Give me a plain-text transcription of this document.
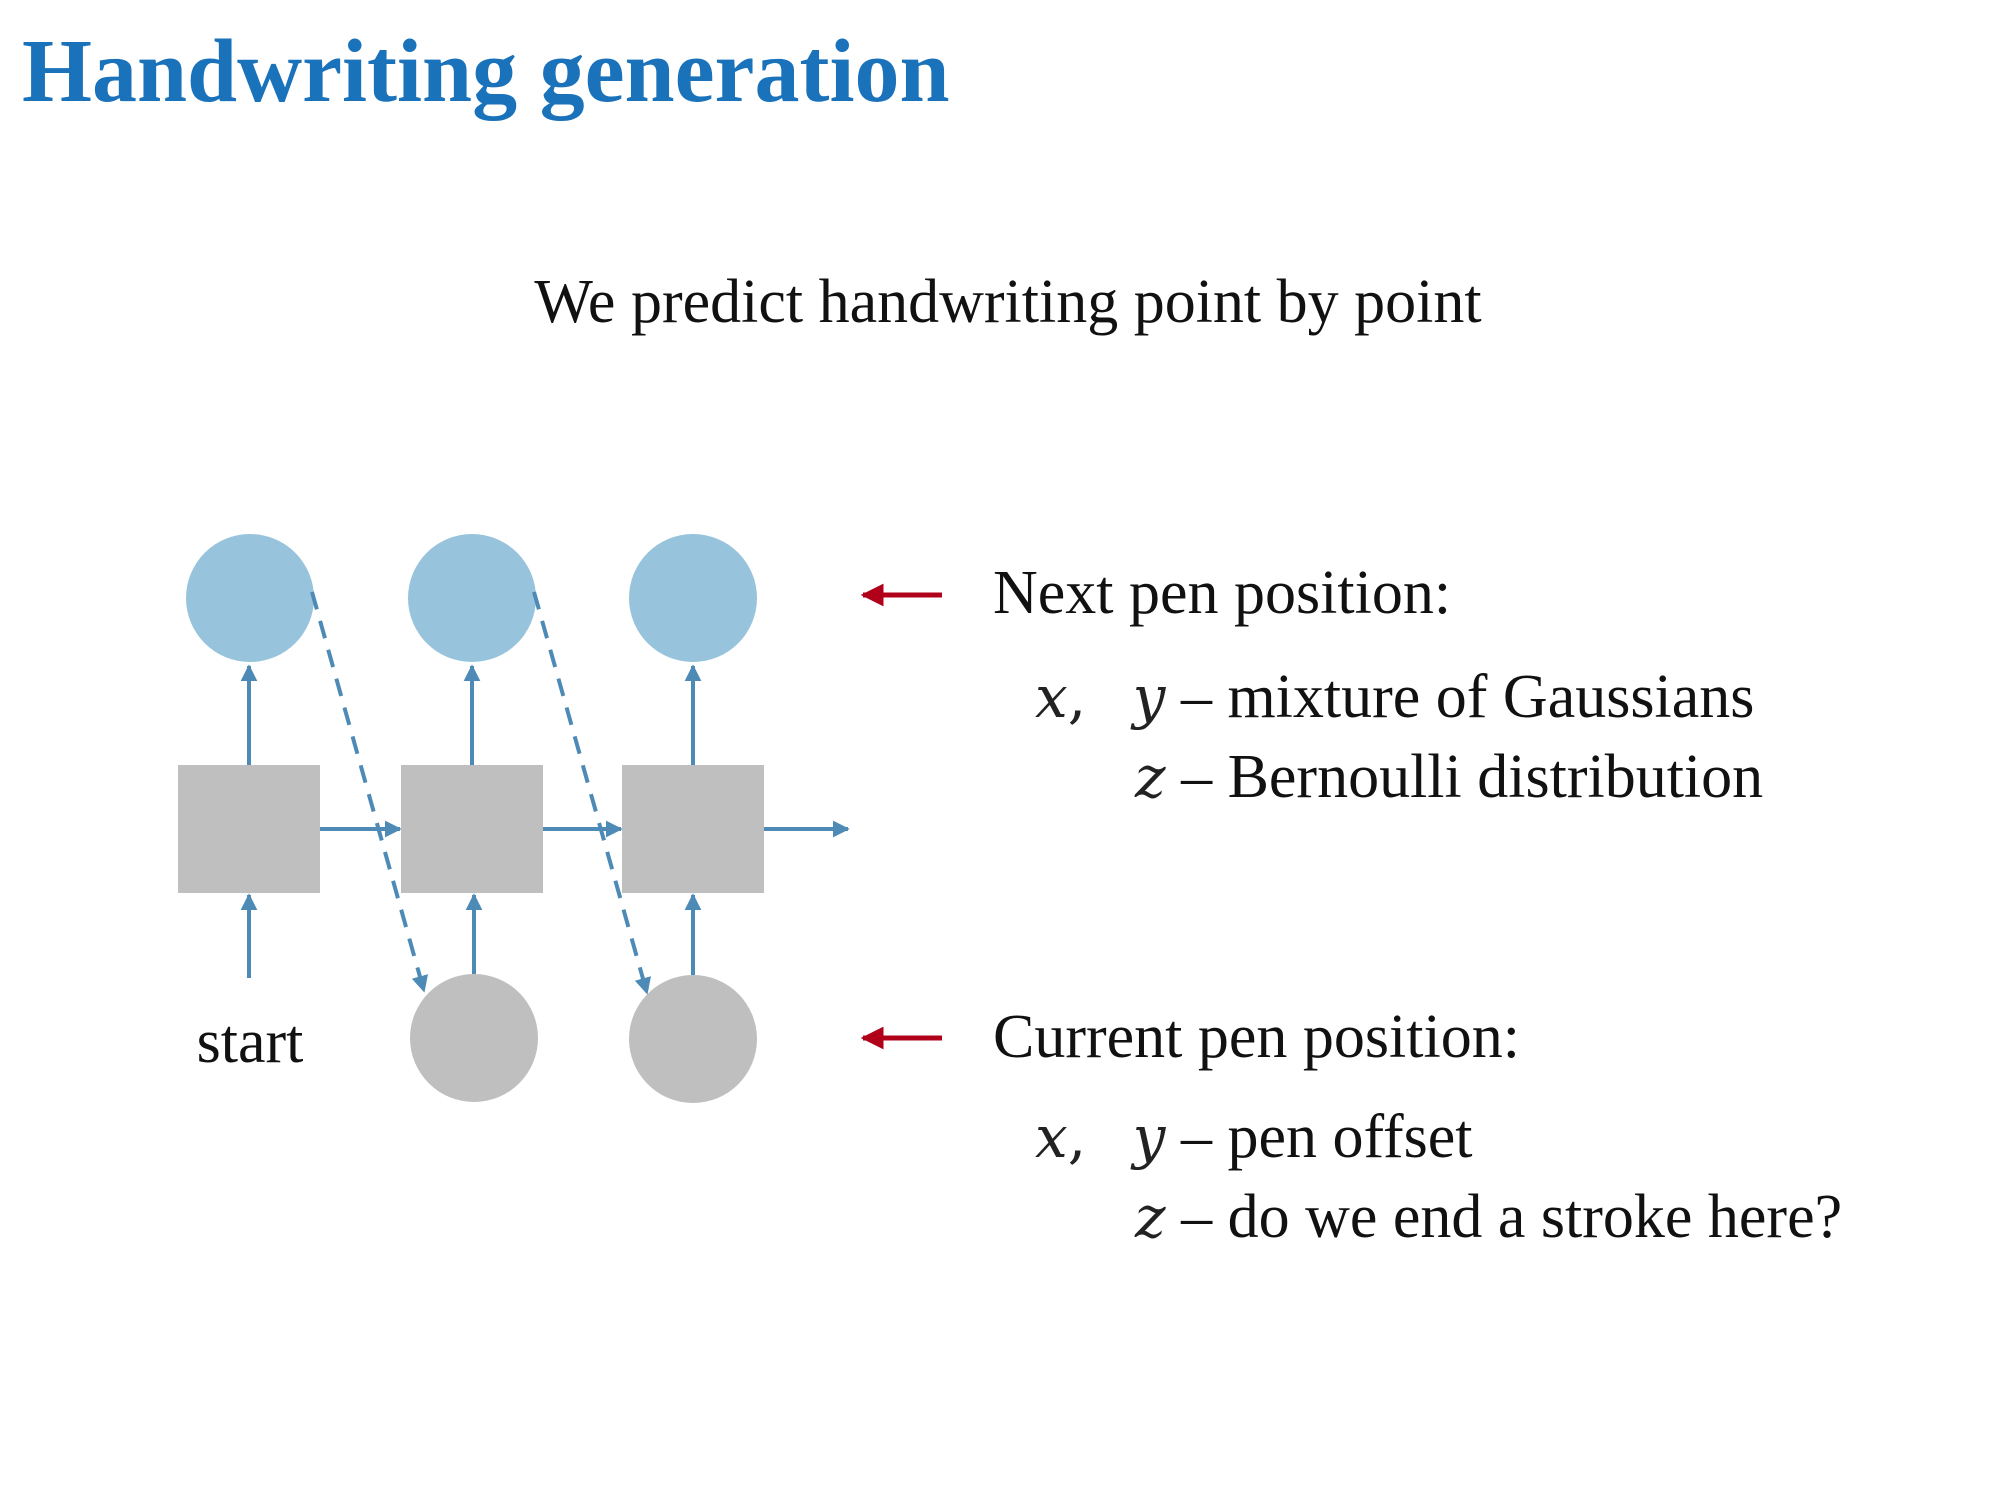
Handwriting generation
We predict handwriting point by point
start
Next pen position:
x, y – mixture of Gaussians
z – Bernoulli distribution
Current pen position:
x, y – pen offset
z – do we end a stroke here?
